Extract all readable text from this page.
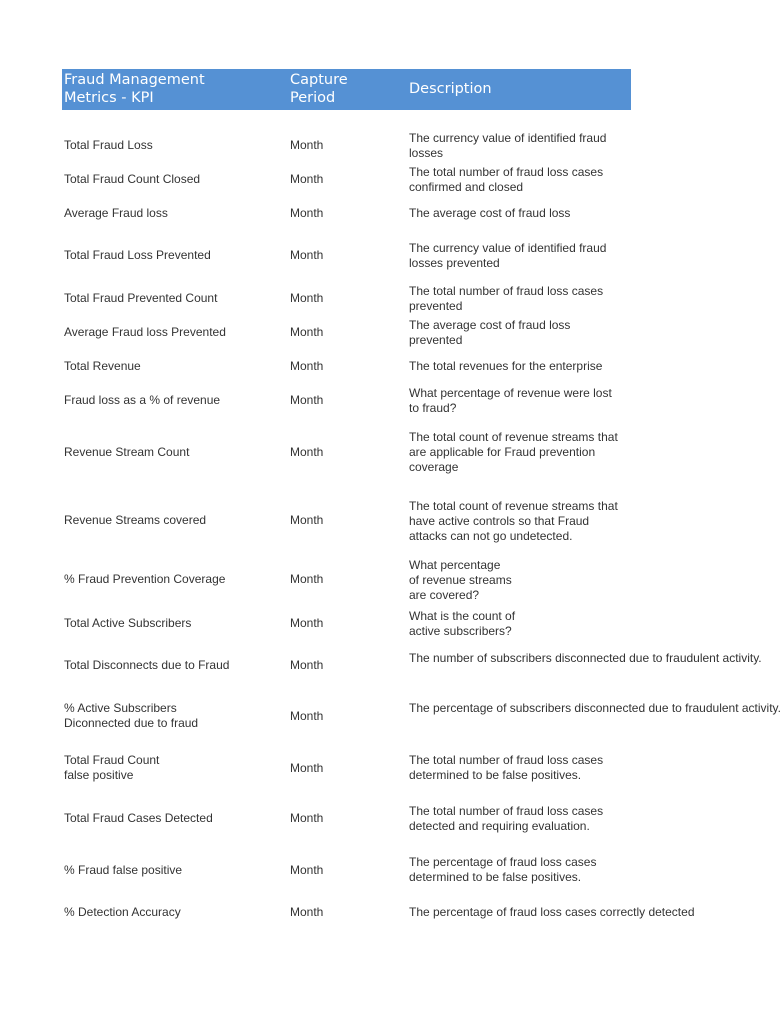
Fraud Management
Metrics - KPI
Capture
Period
Description
Total Fraud Loss	Month	The currency value of identified fraud
losses
Total Fraud Count Closed	Month	The total number of fraud loss cases
confirmed and closed
Average Fraud loss	Month	The average cost of fraud loss
Total Fraud Loss Prevented	Month	The currency value of identified fraud
losses prevented
Total Fraud Prevented Count	Month	The total number of fraud loss cases
prevented
Average Fraud loss Prevented	Month	The average cost of fraud loss
prevented
Total Revenue	Month	The total revenues for the enterprise
Fraud loss as a % of revenue	Month	What percentage of revenue were lost
to fraud?
Revenue Stream Count	Month
The total count of revenue streams that
are applicable for Fraud prevention
coverage
Revenue Streams covered	Month
The total count of revenue streams that
have active controls so that Fraud
attacks can not go undetected.
% Fraud Prevention Coverage	Month
What percentage
of revenue streams
are covered?
Total Active Subscribers	Month	What is the count of
active subscribers?
Total Disconnects due to Fraud	Month	The number of subscribers disconnected due to fraudulent activity.
% Active Subscribers
Diconnected due to fraud	Month
The percentage of subscribers disconnected due to fraudulent activity.
Total Fraud Count
false positive	Month
The total number of fraud loss cases
determined to be false positives.
Total Fraud Cases Detected	Month	The total number of fraud loss cases
detected and requiring evaluation.
% Fraud false positive	Month
The percentage of fraud loss cases
determined to be false positives.
% Detection Accuracy	Month	The percentage of fraud loss cases correctly detected
